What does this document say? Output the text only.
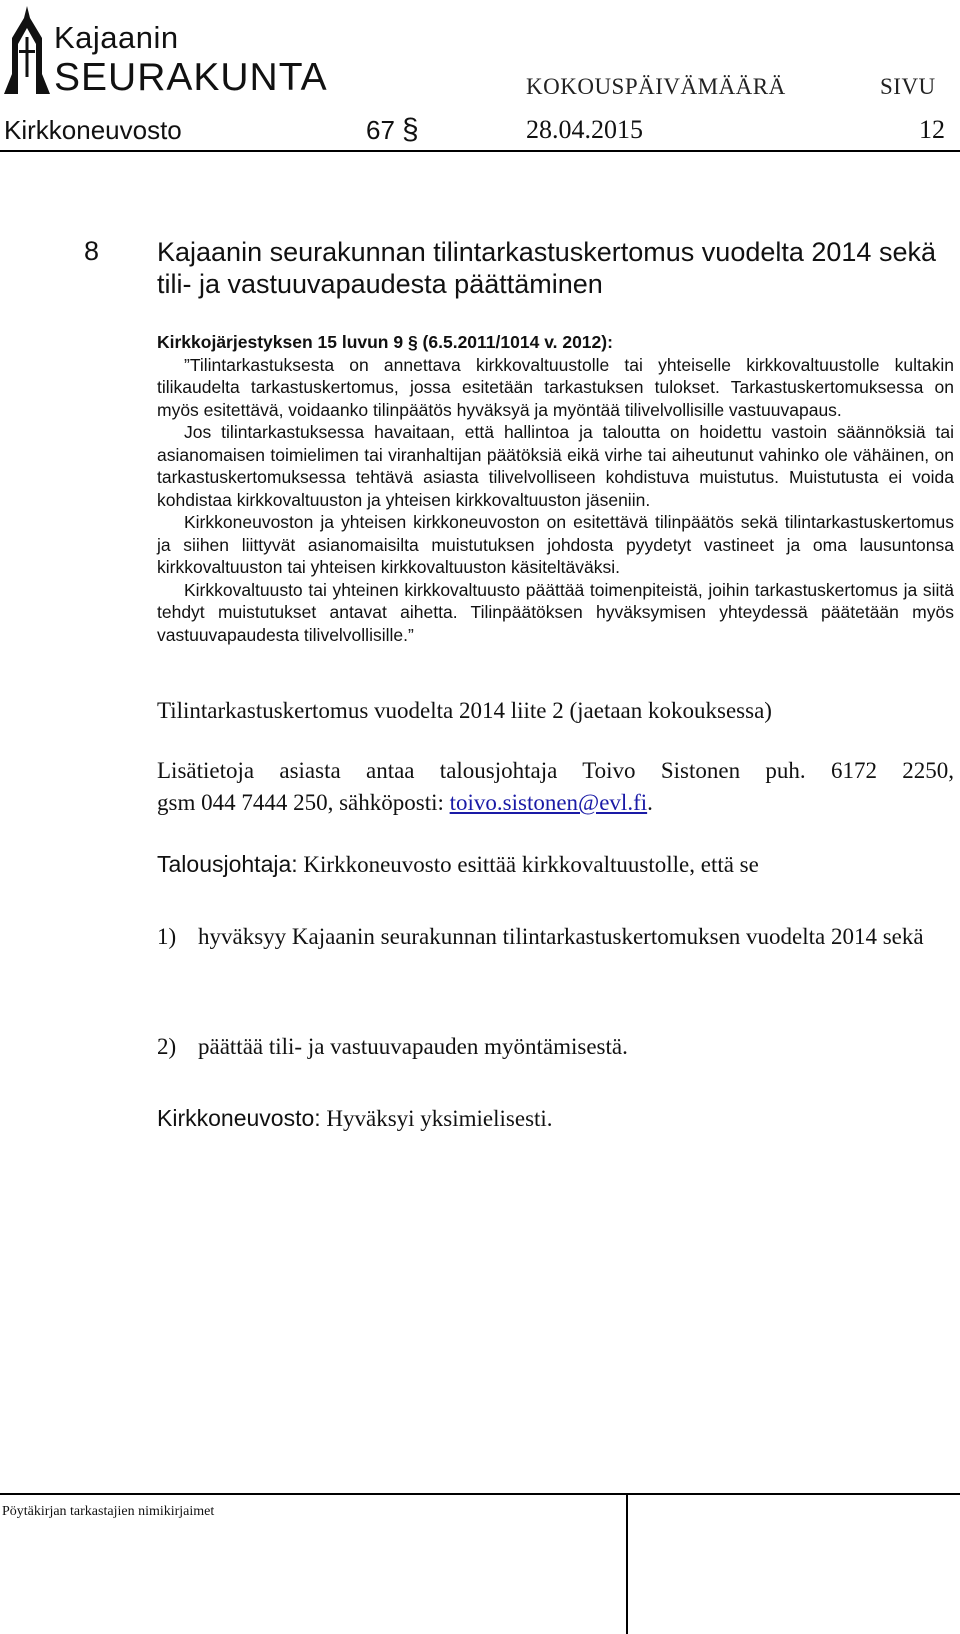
Kajaanin
SEURAKUNTA	KOKOUSPÄIVÄMÄÄRÄ	SIVU
Kirkkoneuvosto	67 §	28.04.2015	12
8 Kajaanin seurakunnan tilintarkastuskertomus vuodelta 2014 sekä tili- ja vastuuvapaudesta päättäminen

Kirkkojärjestyksen 15 luvun 9 § (6.5.2011/1014 v. 2012):

”Tilintarkastuksesta on annettava kirkkovaltuustolle tai yhteiselle kirkkovaltuustolle kultakin tilikaudelta tarkastuskertomus, jossa esitetään tarkastuksen tulokset. Tarkastuskertomuksessa on myös esitettävä, voidaanko tilinpäätös hyväksyä ja myöntää tilivelvollisille vastuuvapaus.

Jos tilintarkastuksessa havaitaan, että hallintoa ja taloutta on hoidettu vastoin säännöksiä tai asianomaisen toimielimen tai viranhaltijan päätöksiä eikä virhe tai aiheutunut vahinko ole vähäinen, on tarkastuskertomuksessa tehtävä asiasta tilivelvolliseen kohdistuva muistutus. Muistutusta ei voida kohdistaa kirkkovaltuuston ja yhteisen kirkkovaltuuston jäseniin.

Kirkkoneuvoston ja yhteisen kirkkoneuvoston on esitettävä tilinpäätös sekä tilintarkastuskertomus ja siihen liittyvät asianomaisilta muistutuksen johdosta pyydetyt vastineet ja oma lausuntonsa kirkkovaltuuston tai yhteisen kirkkovaltuuston käsiteltäväksi.

Kirkkovaltuusto tai yhteinen kirkkovaltuusto päättää toimenpiteistä, joihin tarkastuskertomus ja siitä tehdyt muistutukset antavat aihetta. Tilinpäätöksen hyväksymisen yhteydessä päätetään myös vastuuvapaudesta tilivelvollisille.”

Tilintarkastuskertomus vuodelta 2014 liite 2 (jaetaan kokouksessa)
Lisätietoja asiasta antaa talousjohtaja Toivo Sistonen puh. 6172 2250,
gsm 044 7444 250, sähköposti: toivo.sistonen@evl.fi.
Talousjohtaja: Kirkkoneuvosto esittää kirkkovaltuustolle, että se
1) hyväksyy Kajaanin seurakunnan tilintarkastuskertomuksen vuodelta 2014 sekä
2) päättää tili- ja vastuuvapauden myöntämisestä.
Kirkkoneuvosto: Hyväksyi yksimielisesti.
Pöytäkirjan tarkastajien nimikirjaimet
